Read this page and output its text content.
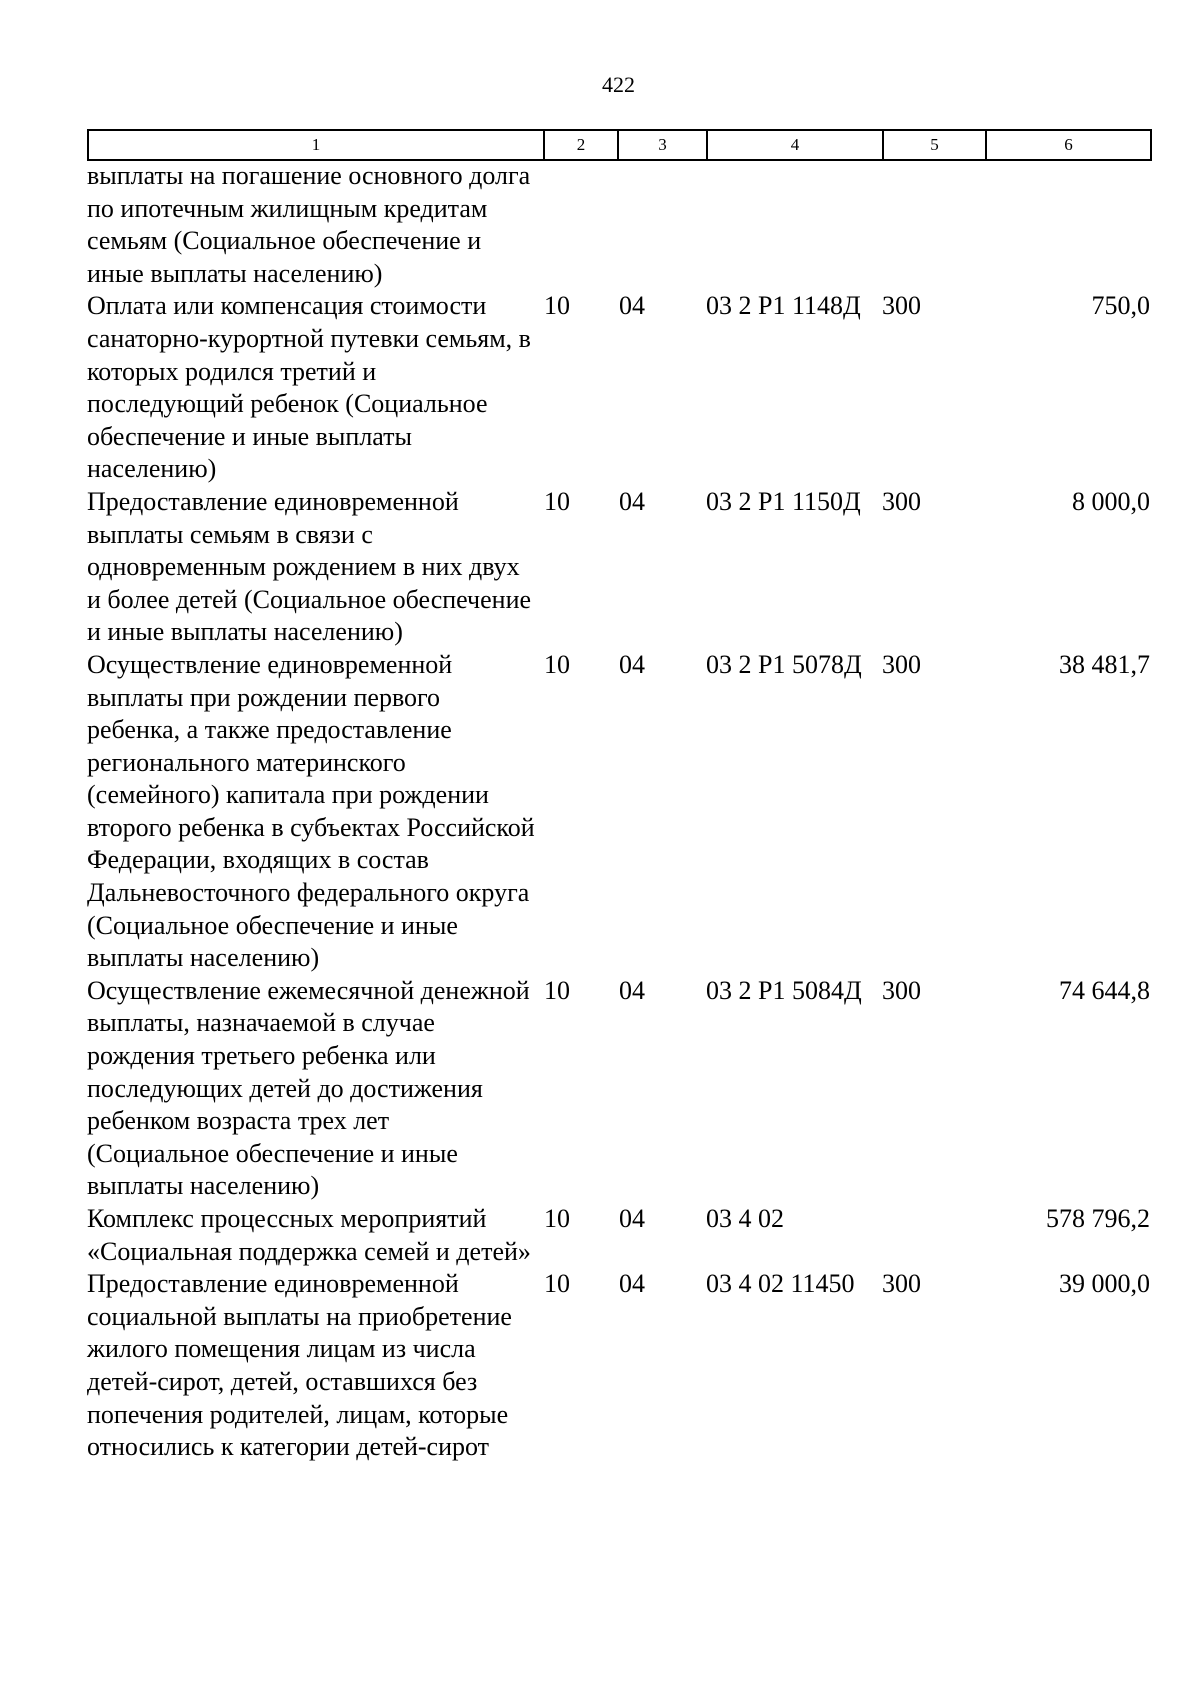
422
1	2	3	4	5	6
выплаты на погашение основного долга по ипотечным жилищным кредитам семьям (Социальное обеспечение и иные выплаты населению)					
Оплата или компенсация стоимости санаторно-курортной путевки семьям, в которых родился третий и последующий ребенок (Социальное обеспечение и иные выплаты населению)	10	04	03 2 Р1 1148Д	300	750,0
Предоставление единовременной выплаты семьям в связи с одновременным рождением в них двух и более детей (Социальное обеспечение и иные выплаты населению)	10	04	03 2 Р1 1150Д	300	8 000,0
Осуществление единовременной выплаты при рождении первого ребенка, а также предоставление регионального материнского (семейного) капитала при рождении второго ребенка в субъектах Российской Федерации, входящих в состав Дальневосточного федерального округа (Социальное обеспечение и иные выплаты населению)	10	04	03 2 Р1 5078Д	300	38 481,7
Осуществление ежемесячной денежной выплаты, назначаемой в случае рождения третьего ребенка или последующих детей до достижения ребенком возраста трех лет (Социальное обеспечение и иные выплаты населению)	10	04	03 2 Р1 5084Д	300	74 644,8
Комплекс процессных мероприятий «Социальная поддержка семей и детей»	10	04	03 4 02		578 796,2
Предоставление единовременной социальной выплаты на приобретение жилого помещения лицам из числа детей-сирот, детей, оставшихся без попечения родителей, лицам, которые относились к категории детей-сирот	10	04	03 4 02 11450	300	39 000,0
